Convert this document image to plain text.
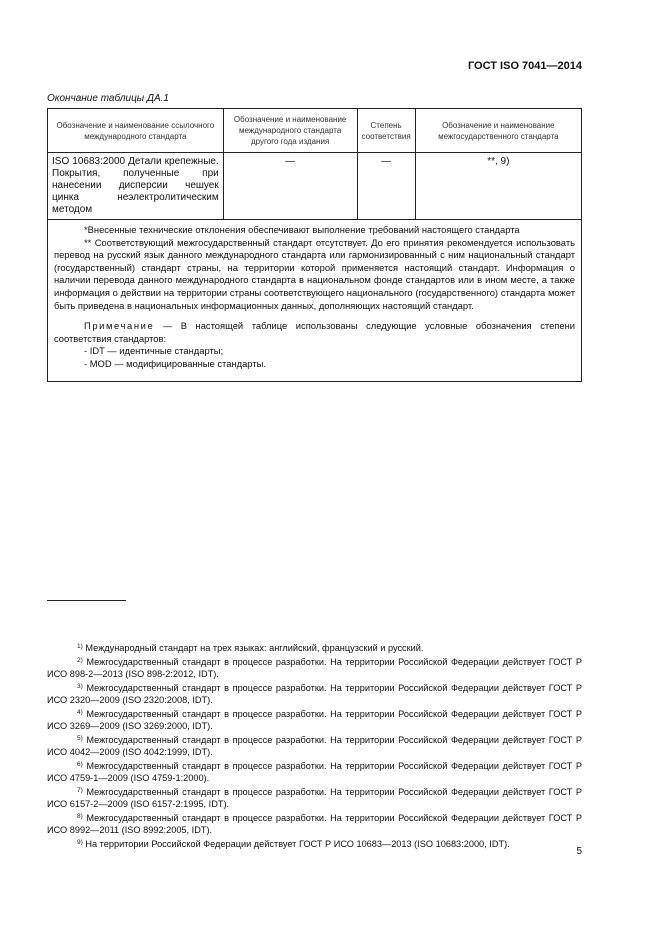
ГОСТ ISO 7041—2014
Окончание таблицы ДА.1
Обозначение и наименование ссылочного международного стандарта	Обозначение и наименование международного стандарта другого года издания	Степень соответствия	Обозначение и наименование межгосударственного стандарта
ISO 10683:2000 Детали крепежные. Покрытия, полученные при нанесении дисперсии чешуек цинка неэлектролитическим методом	—	—	**, 9)

*Внесенные технические отклонения обеспечивают выполнение требований настоящего стандарта

** Соответствующий межгосударственный стандарт отсутствует. До его принятия рекомендуется использовать перевод на русский язык данного международного стандарта или гармонизированный с ним национальный стандарт (государственный) стандарт страны, на территории которой применяется настоящий стандарт. Информация о наличии перевода данного международного стандарта в национальном фонде стандартов или в ином месте, а также информация о действии на территории страны соответствующего национального (государственного) стандарта может быть приведена в национальных информационных данных, дополняющих настоящий стандарт.

Примечание — В настоящей таблице использованы следующие условные обозначения степени соответствия стандартов:

- IDT — идентичные стандарты;

- MOD — модифицированные стандарты.			

$^{1)}$ Международный стандарт на трех языках: английский, французский и русский.

$^{2)}$ Межгосударственный стандарт в процессе разработки. На территории Российской Федерации действует ГОСТ Р ИСО 898-2—2013 (ISO 898-2:2012, IDT).

$^{3)}$ Межгосударственный стандарт в процессе разработки. На территории Российской Федерации действует ГОСТ Р ИСО 2320—2009 (ISO 2320:2008, IDT).

$^{4)}$ Межгосударственный стандарт в процессе разработки. На территории Российской Федерации действует ГОСТ Р ИСО 3269—2009 (ISO 3269:2000, IDT).

$^{5)}$ Межгосударственный стандарт в процессе разработки. На территории Российской Федерации действует ГОСТ Р ИСО 4042—2009 (ISO 4042:1999, IDT).

$^{6)}$ Межгосударственный стандарт в процессе разработки. На территории Российской Федерации действует ГОСТ Р ИСО 4759-1—2009 (ISO 4759-1:2000).

$^{7)}$ Межгосударственный стандарт в процессе разработки. На территории Российской Федерации действует ГОСТ Р ИСО 6157-2—2009 (ISO 6157-2:1995, IDT).

$^{8)}$ Межгосударственный стандарт в процессе разработки. На территории Российской Федерации действует ГОСТ Р ИСО 8992—2011 (ISO 8992:2005, IDT).

$^{9)}$ На территории Российской Федерации действует ГОСТ Р ИСО 10683—2013 (ISO 10683:2000, IDT).

5
